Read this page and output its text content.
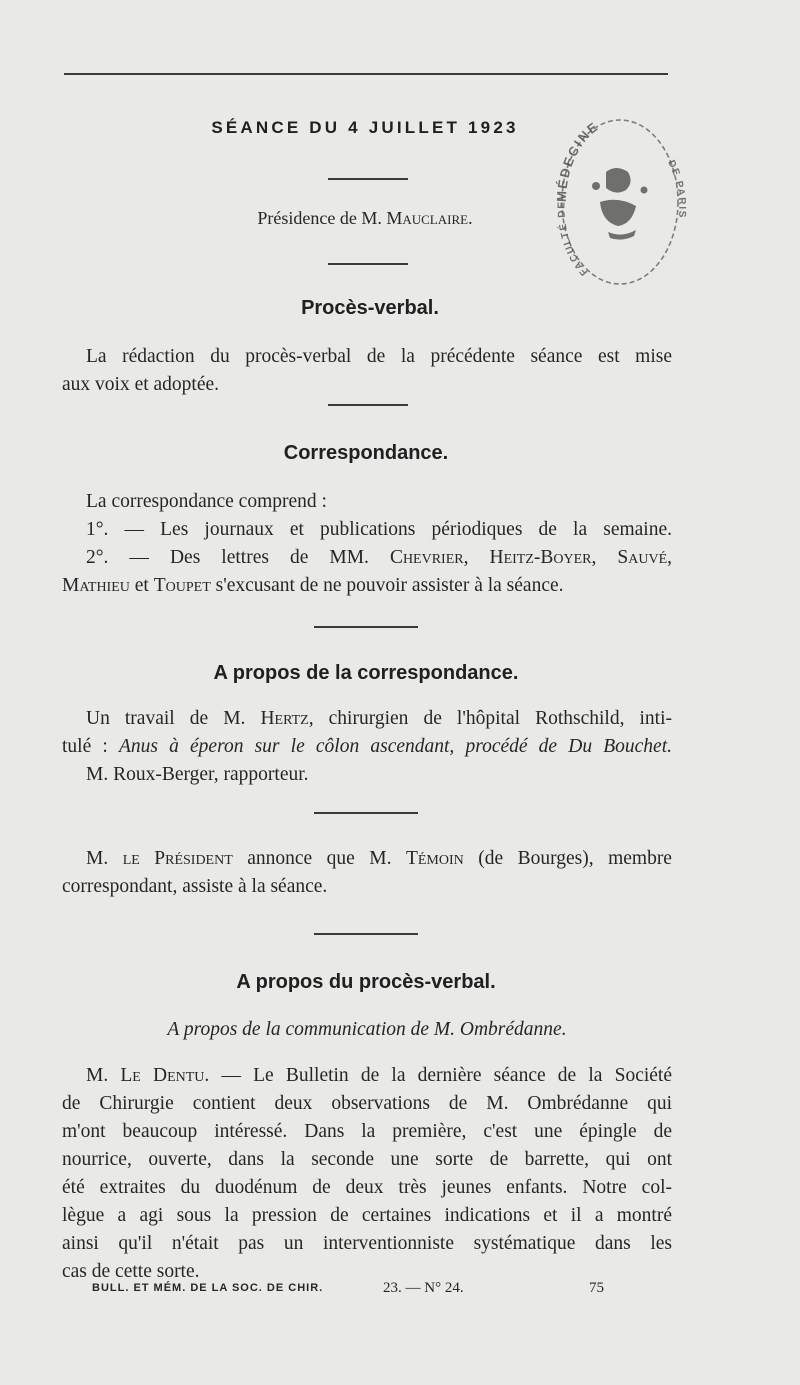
SÉANCE DU 4 JUILLET 1923
Présidence de M. Mauclaire.
MÉDECINE
FACULTÉ DE
DE PARIS
Procès-verbal.
La rédaction du procès-verbal de la précédente séance est mise
aux voix et adoptée.
Correspondance.
La correspondance comprend :
1°. — Les journaux et publications périodiques de la semaine.
2°. — Des lettres de MM. Chevrier, Heitz-Boyer, Sauvé,
Mathieu et Toupet s'excusant de ne pouvoir assister à la séance.
A propos de la correspondance.
Un travail de M. Hertz, chirurgien de l'hôpital Rothschild, inti-
tulé : Anus à éperon sur le côlon ascendant, procédé de Du Bouchet.
M. Roux-Berger, rapporteur.
M. le Président annonce que M. Témoin (de Bourges), membre
correspondant, assiste à la séance.
A propos du procès-verbal.
A propos de la communication de M. Ombrédanne.
M. Le Dentu. — Le Bulletin de la dernière séance de la Société
de Chirurgie contient deux observations de M. Ombrédanne qui
m'ont beaucoup intéressé. Dans la première, c'est une épingle de
nourrice, ouverte, dans la seconde une sorte de barrette, qui ont
été extraites du duodénum de deux très jeunes enfants. Notre col-
lègue a agi sous la pression de certaines indications et il a montré
ainsi qu'il n'était pas un interventionniste systématique dans les
cas de cette sorte.
BULL. ET MÉM. DE LA SOC. DE CHIR.	23. — N° 24.	75
